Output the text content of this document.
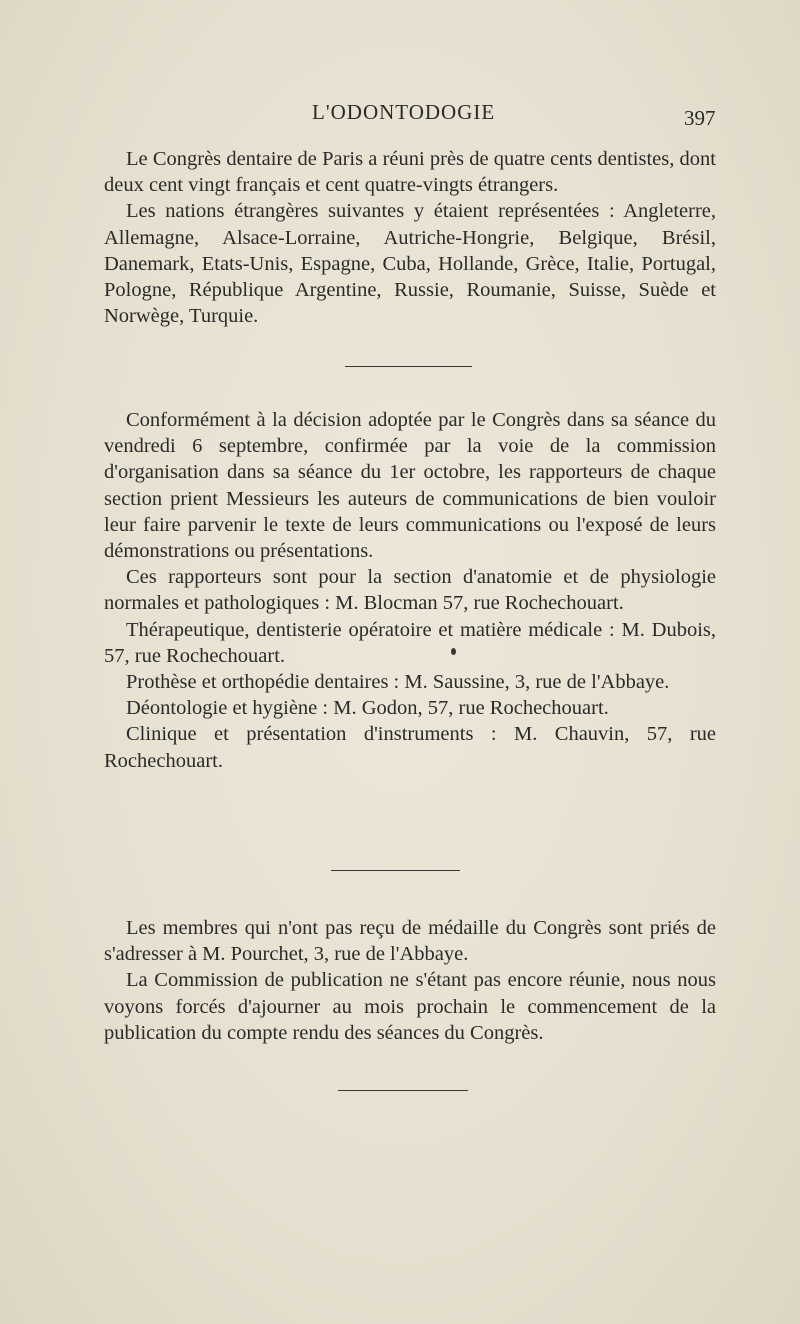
L'ODONTODOGIE	397

Le Congrès dentaire de Paris a réuni près de quatre cents dentistes, dont deux cent vingt français et cent quatre-vingts étrangers.

Les nations étrangères suivantes y étaient représentées : Angleterre, Allemagne, Alsace-Lorraine, Autriche-Hongrie, Belgique, Brésil, Danemark, Etats-Unis, Espagne, Cuba, Hollande, Grèce, Italie, Portugal, Pologne, République Argentine, Russie, Roumanie, Suisse, Suède et Norwège, Turquie.

Conformément à la décision adoptée par le Congrès dans sa séance du vendredi 6 septembre, confirmée par la voie de la commission d'organisation dans sa séance du 1er octobre, les rapporteurs de chaque section prient Messieurs les auteurs de communications de bien vouloir leur faire parvenir le texte de leurs communications ou l'exposé de leurs démonstrations ou présentations.

Ces rapporteurs sont pour la section d'anatomie et de physiologie normales et pathologiques : M. Blocman 57, rue Rochechouart.

Thérapeutique, dentisterie opératoire et matière médicale : M. Dubois, 57, rue Rochechouart.

Prothèse et orthopédie dentaires : M. Saussine, 3, rue de l'Abbaye.

Déontologie et hygiène : M. Godon, 57, rue Rochechouart.

Clinique et présentation d'instruments : M. Chauvin, 57, rue Rochechouart.

Les membres qui n'ont pas reçu de médaille du Congrès sont priés de s'adresser à M. Pourchet, 3, rue de l'Abbaye.

La Commission de publication ne s'étant pas encore réunie, nous nous voyons forcés d'ajourner au mois prochain le commencement de la publication du compte rendu des séances du Congrès.
